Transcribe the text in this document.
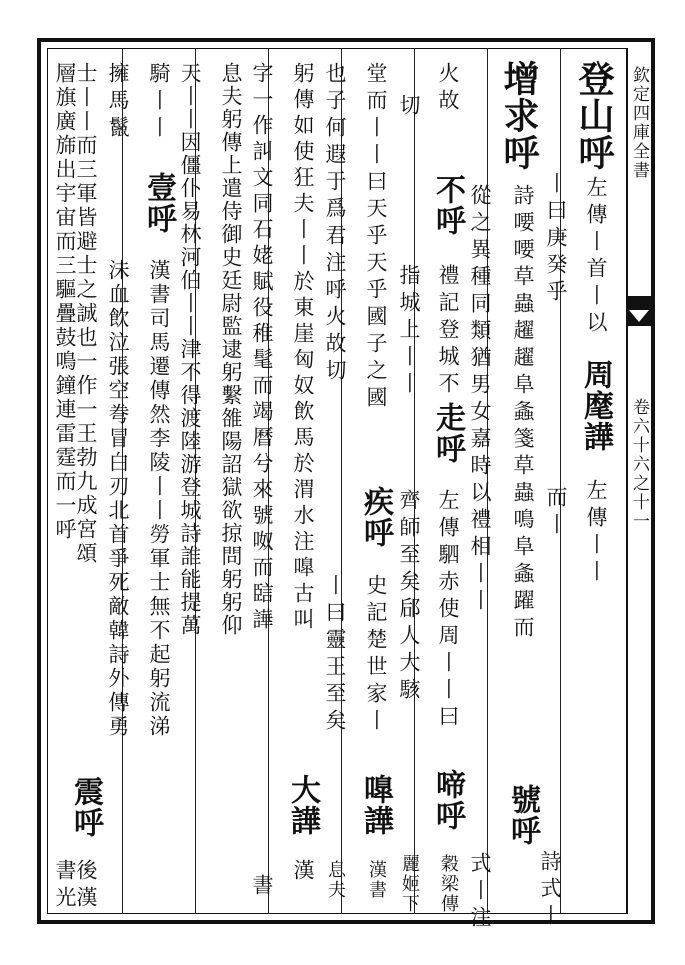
欽定四庫全書
卷六十六之十一
登山呼
左傳丨首丨以
周麾譁
左傳丨丨
丨曰庚癸乎
而丨
增求呼
詩喓喓草蟲趯趯阜螽箋草蟲鳴阜螽躍而
號呼
從之異種同類猶男女嘉時以禮相丨丨
式丨注 詩式丨
火故
不呼
禮記登城不
走呼
左傳駟赤使周丨丨曰
啼呼
穀梁傳
切
指城上丨丨
齊師至矣郈人大駭
麗姬下
堂而丨丨曰天乎天乎國子之國
疾呼
史記楚世家丨
嘷譁
漢書
也子何遐于爲君注呼火故切
丨曰靈王至矣
息夫
躬傳如使狂夫丨丨於東崖匈奴飲馬於渭水注嘷古叫
大譁
漢
字一作訆文同石姥賦役稚髦而竭曆兮來號呶而䛗譁
書
息夫躬傳上遣侍御史廷尉監逮躬繫雒陽詔獄欲掠問躬躬仰
天丨丨因僵仆易林河伯丨丨津不得渡陸游登城詩誰能提萬
騎丨丨
壹呼
漢書司馬遷傳然李陵丨丨勞軍士無不起躬流涕
擁馬鬣
沬血飲泣張空弮冒白刃北首爭死敵韓詩外傳勇
士丨丨而三軍皆避士之誠也一作一王勃九成宮頌
震呼
後漢
層旗廣旆出宇宙而三驅疊鼓鳴鐘連雷霆而一呼
書光
